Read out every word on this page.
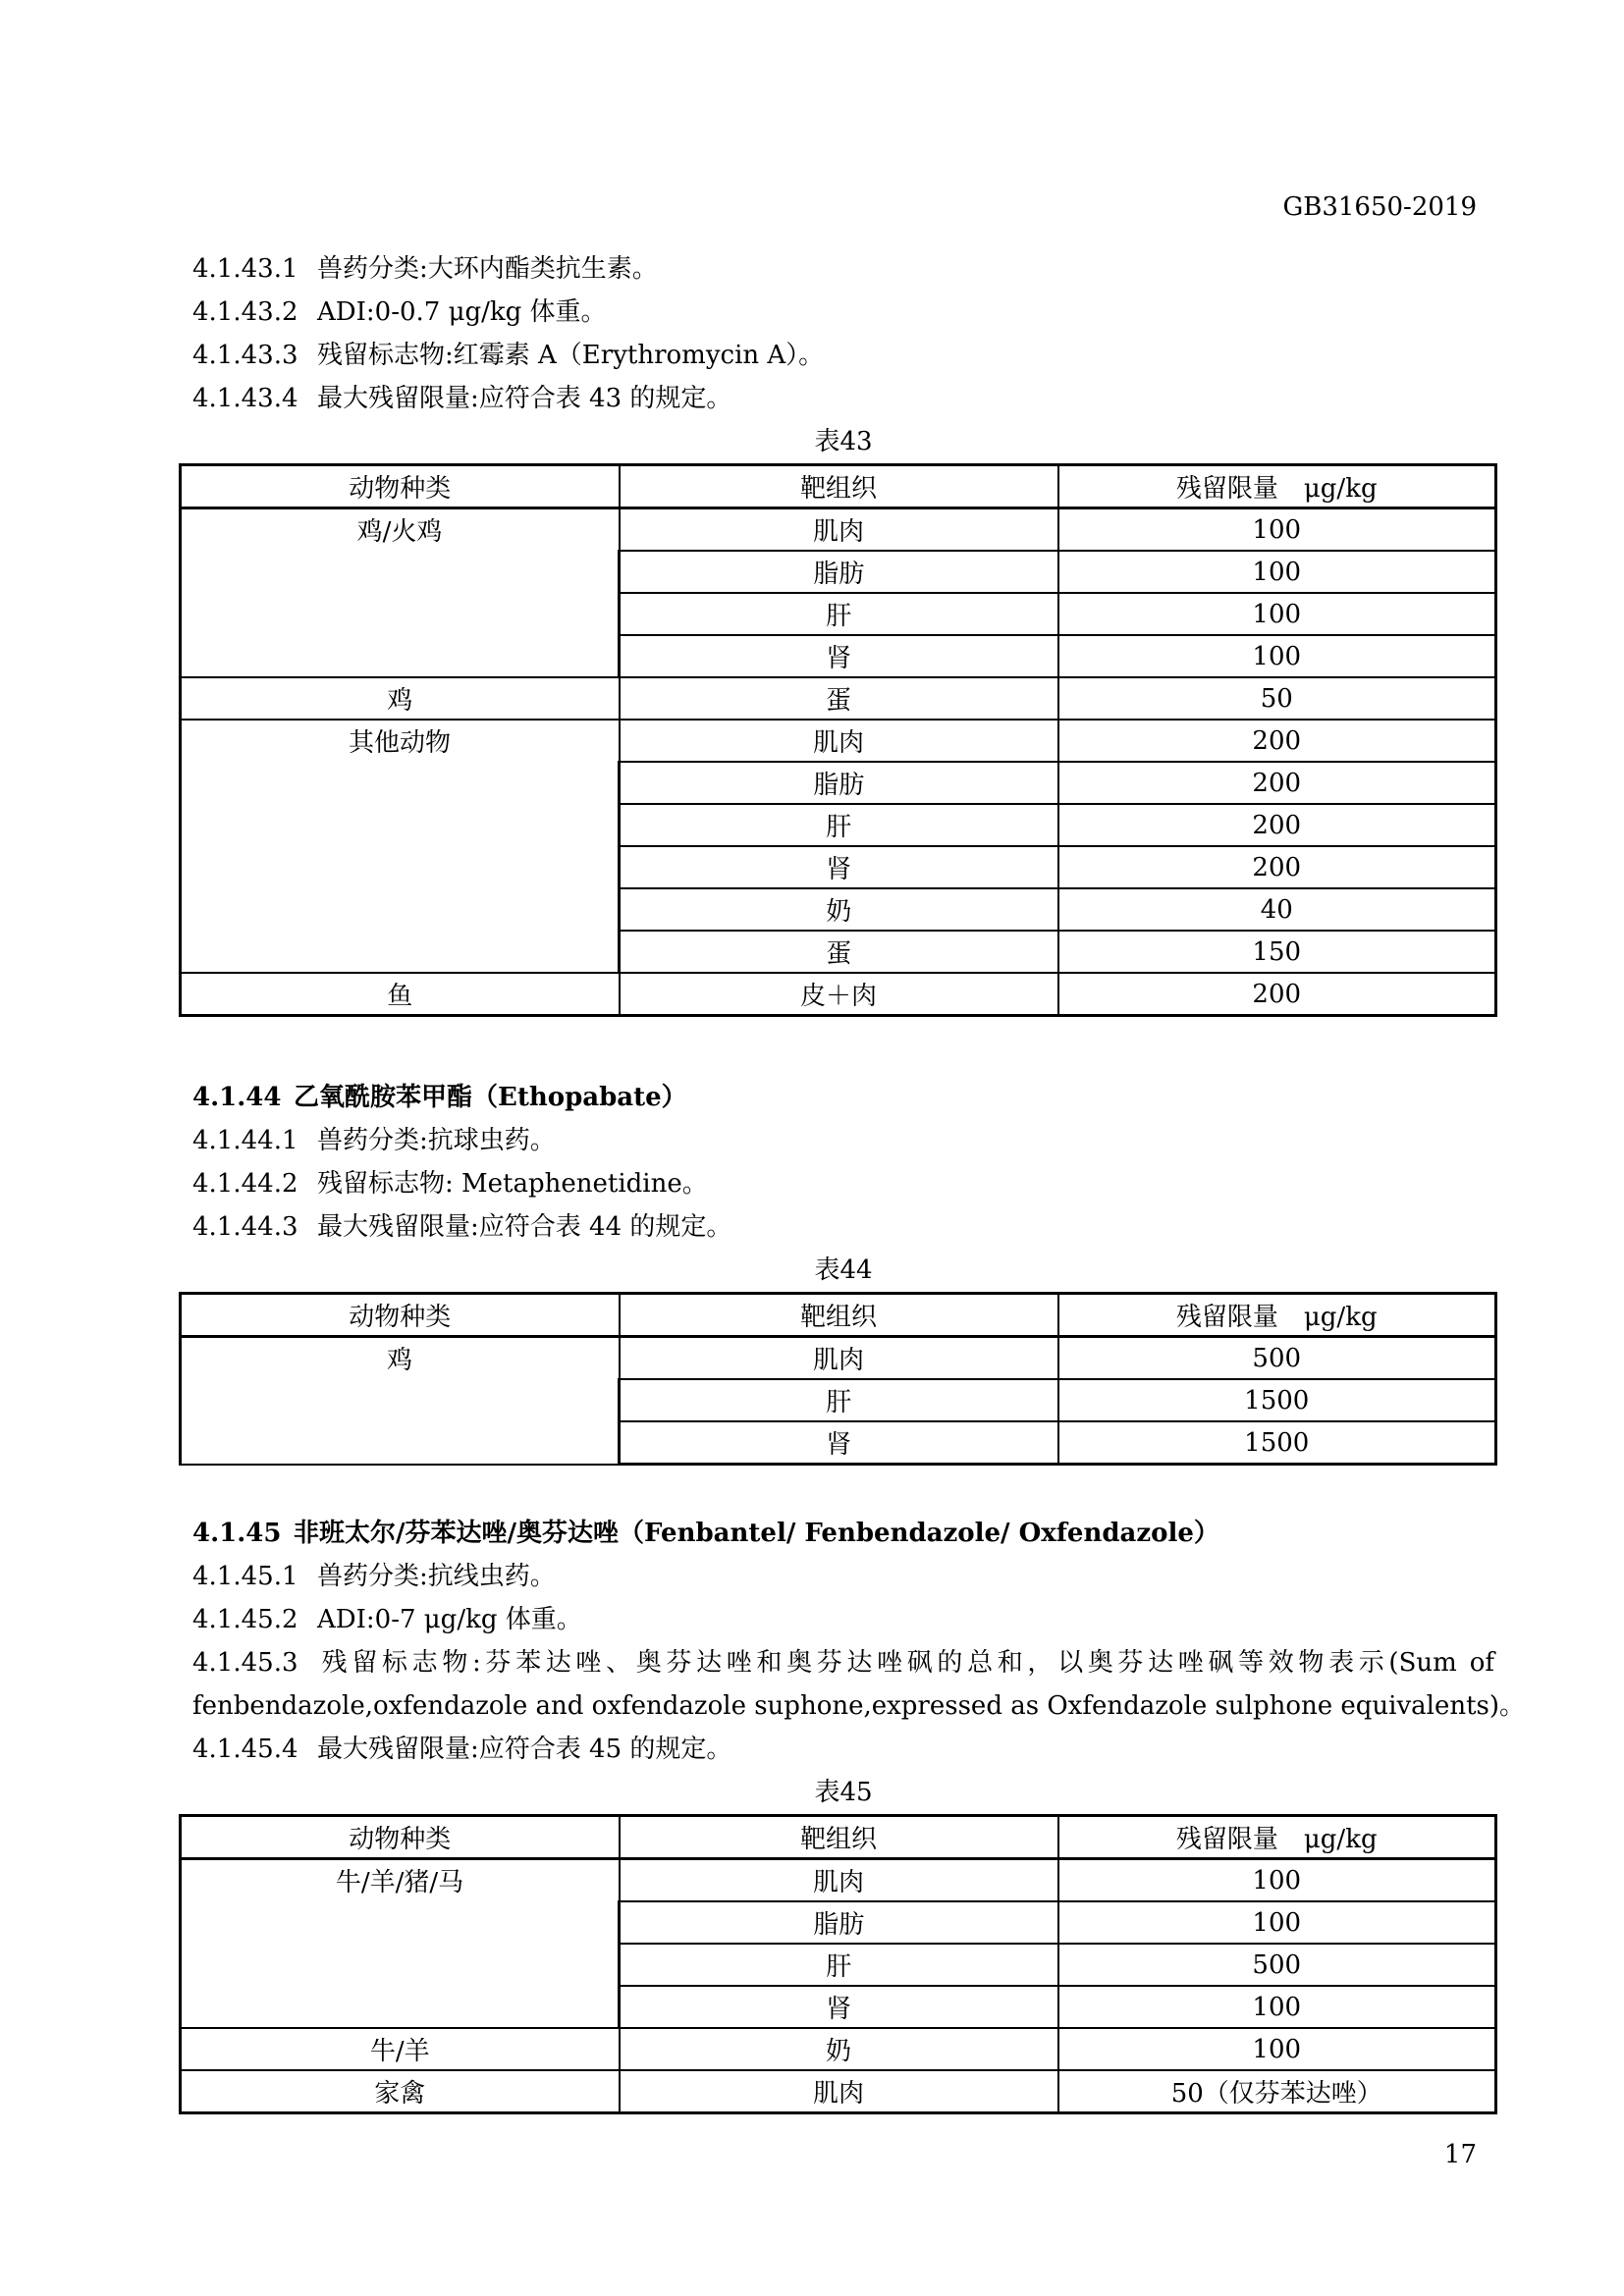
GB31650-2019
4.1.43.1 兽药分类:大环内酯类抗生素。
4.1.43.2 ADI:0-0.7 μg/kg 体重。
4.1.43.3 残留标志物:红霉素 A（Erythromycin A）。
4.1.43.4 最大残留限量:应符合表 43 的规定。
表43
动物种类	靶组织	残留限量　μg/kg
鸡/火鸡	肌肉	100
	脂肪	100
	肝	100
	肾	100
鸡	蛋	50
其他动物	肌肉	200
	脂肪	200
	肝	200
	肾	200
	奶	40
	蛋	150
鱼	皮＋肉	200
4.1.44 乙氧酰胺苯甲酯（Ethopabate）
4.1.44.1 兽药分类:抗球虫药。
4.1.44.2 残留标志物: Metaphenetidine。
4.1.44.3 最大残留限量:应符合表 44 的规定。
表44
动物种类	靶组织	残留限量　μg/kg
鸡	肌肉	500
	肝	1500
	肾	1500
4.1.45 非班太尔/芬苯达唑/奥芬达唑（Fenbantel/ Fenbendazole/ Oxfendazole）
4.1.45.1 兽药分类:抗线虫药。
4.1.45.2 ADI:0-7 μg/kg 体重。
4.1.45.3 残留标志物:芬苯达唑、奥芬达唑和奥芬达唑砜的总和，以奥芬达唑砜等效物表示(Sum of
fenbendazole,oxfendazole and oxfendazole suphone,expressed as Oxfendazole sulphone equivalents)。
4.1.45.4 最大残留限量:应符合表 45 的规定。
表45
动物种类	靶组织	残留限量　μg/kg
牛/羊/猪/马	肌肉	100
	脂肪	100
	肝	500
	肾	100
牛/羊	奶	100
家禽	肌肉	50（仅芬苯达唑）
17
